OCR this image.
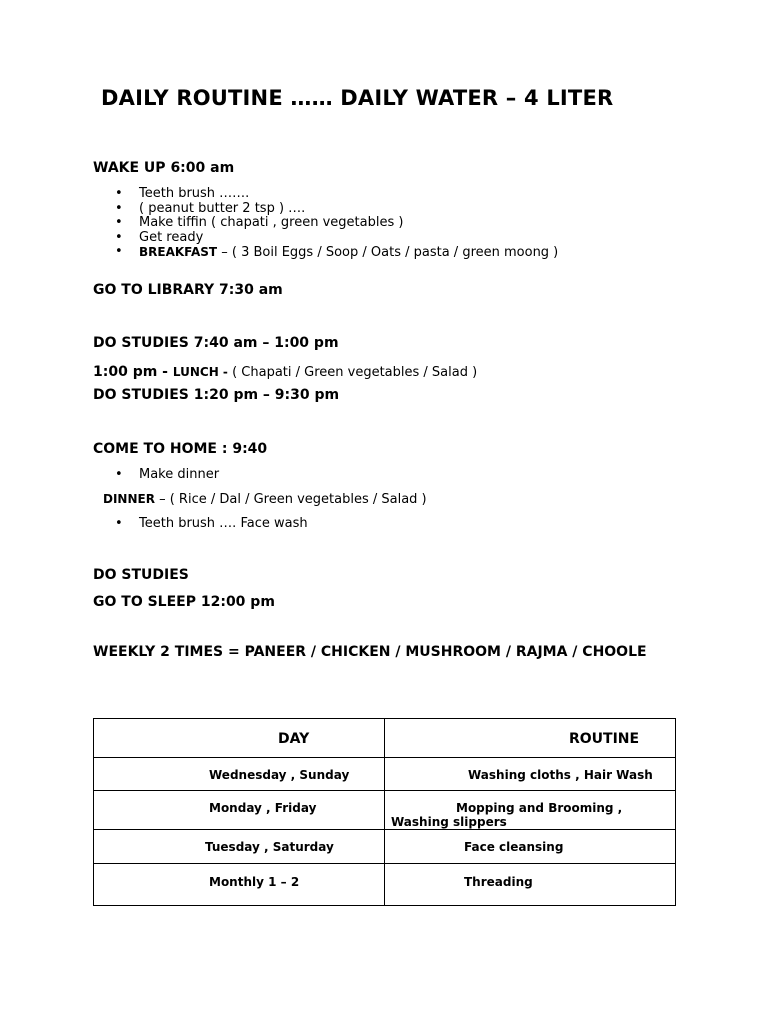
DAILY ROUTINE …… DAILY WATER – 4 LITER
WAKE UP 6:00 am
• Teeth brush …….
• ( peanut butter 2 tsp ) ….
• Make tiffin ( chapati , green vegetables )
• Get ready
• BREAKFAST – ( 3 Boil Eggs / Soop / Oats / pasta / green moong )
GO TO LIBRARY 7:30 am
DO STUDIES 7:40 am – 1:00 pm
1:00 pm - LUNCH - ( Chapati / Green vegetables / Salad )
DO STUDIES 1:20 pm – 9:30 pm
COME TO HOME : 9:40
• Make dinner
DINNER – ( Rice / Dal / Green vegetables / Salad )
• Teeth brush …. Face wash
DO STUDIES
GO TO SLEEP 12:00 pm
WEEKLY 2 TIMES = PANEER / CHICKEN / MUSHROOM / RAJMA / CHOOLE
DAY	ROUTINE

Wednesday , Sunday	Washing cloths , Hair Wash

Monday , Friday	Mopping and Brooming ,
Washing slippers

Tuesday , Saturday	Face cleansing

Monthly 1 – 2	Threading
